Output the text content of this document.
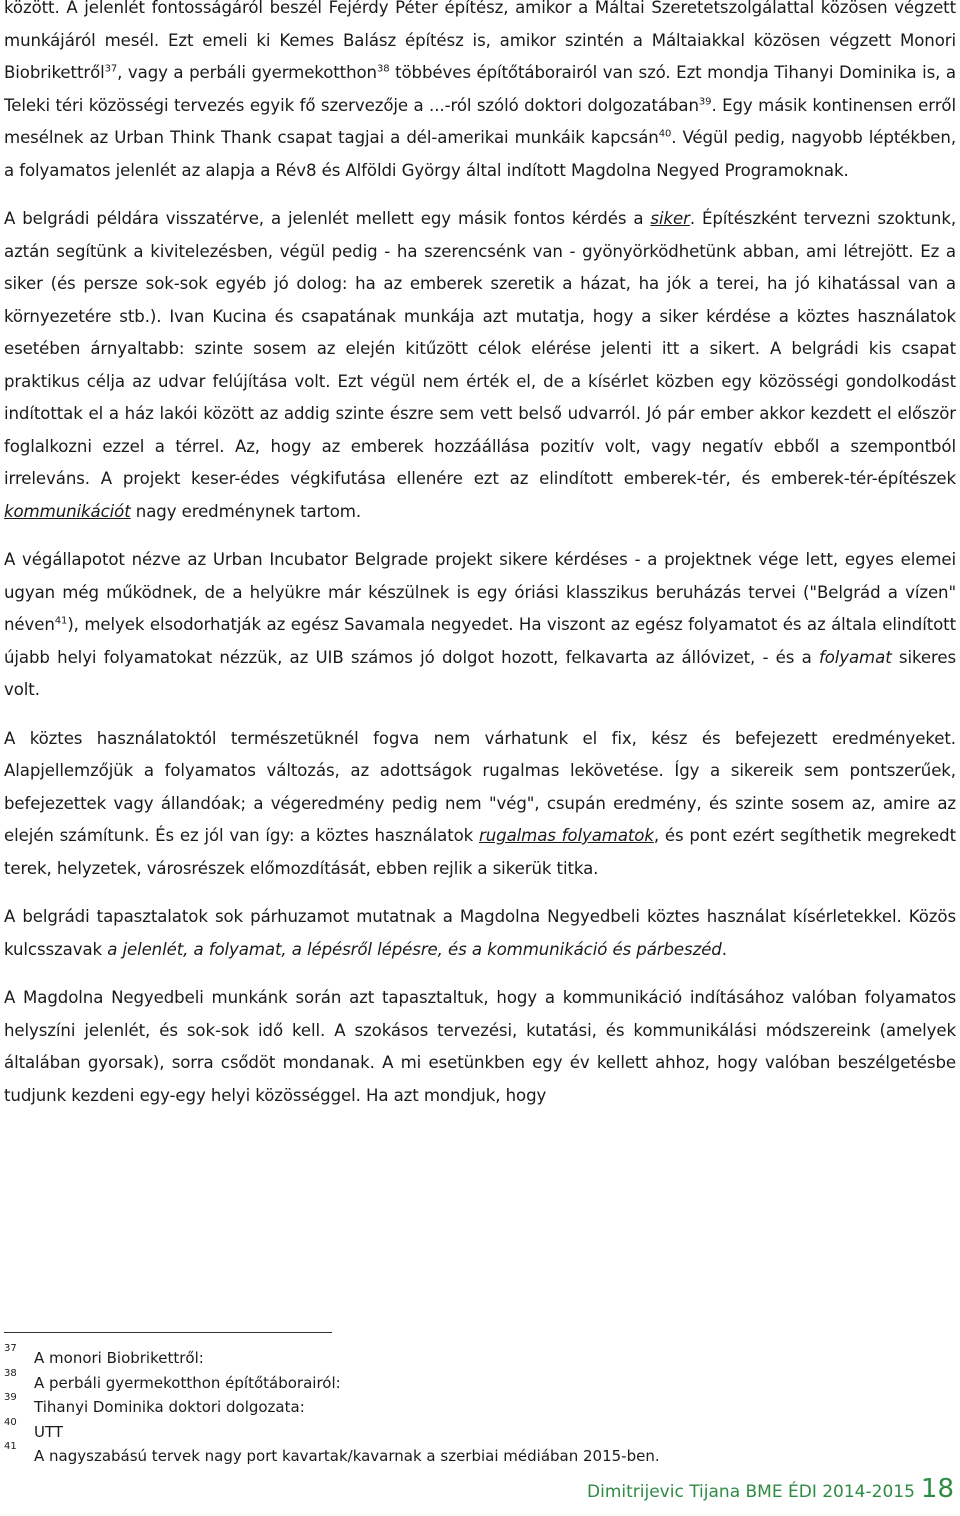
között. A jelenlét fontosságáról beszél Fejérdy Péter építész, amikor a Máltai Szeretetszolgálattal közösen végzett munkájáról mesél. Ezt emeli ki Kemes Balász építész is, amikor szintén a Máltaiakkal közösen végzett Monori Biobrikettről$^{37}$, vagy a perbáli gyermekotthon$^{38}$ többéves építőtáborairól van szó. Ezt mondja Tihanyi Dominika is, a Teleki téri közösségi tervezés egyik fő szervezője a ...-ról szóló doktori dolgozatában$^{39}$. Egy másik kontinensen erről mesélnek az Urban Think Thank csapat tagjai a dél-amerikai munkáik kapcsán$^{40}$. Végül pedig, nagyobb léptékben, a folyamatos jelenlét az alapja a Rév8 és Alföldi György által indított Magdolna Negyed Programoknak.

A belgrádi példára visszatérve, a jelenlét mellett egy másik fontos kérdés a siker. Építészként tervezni szoktunk, aztán segítünk a kivitelezésben, végül pedig - ha szerencsénk van - gyönyörködhetünk abban, ami létrejött. Ez a siker (és persze sok-sok egyéb jó dolog: ha az emberek szeretik a házat, ha jók a terei, ha jó kihatással van a környezetére stb.). Ivan Kucina és csapatának munkája azt mutatja, hogy a siker kérdése a köztes használatok esetében árnyaltabb: szinte sosem az elején kitűzött célok elérése jelenti itt a sikert. A belgrádi kis csapat praktikus célja az udvar felújítása volt. Ezt végül nem érték el, de a kísérlet közben egy közösségi gondolkodást indítottak el a ház lakói között az addig szinte észre sem vett belső udvarról. Jó pár ember akkor kezdett el először foglalkozni ezzel a térrel. Az, hogy az emberek hozzáállása pozitív volt, vagy negatív ebből a szempontból irreleváns. A projekt keser-édes végkifutása ellenére ezt az elindított emberek-tér, és emberek-tér-építészek kommunikációt nagy eredménynek tartom.

A végállapotot nézve az Urban Incubator Belgrade projekt sikere kérdéses - a projektnek vége lett, egyes elemei ugyan még működnek, de a helyükre már készülnek is egy óriási klasszikus beruházás tervei ("Belgrád a vízen" néven$^{41}$), melyek elsodorhatják az egész Savamala negyedet. Ha viszont az egész folyamatot és az általa elindított újabb helyi folyamatokat nézzük, az UIB számos jó dolgot hozott, felkavarta az állóvizet, - és a folyamat sikeres volt.

A köztes használatoktól természetüknél fogva nem várhatunk el fix, kész és befejezett eredményeket. Alapjellemzőjük a folyamatos változás, az adottságok rugalmas lekövetése. Így a sikereik sem pontszerűek, befejezettek vagy állandóak; a végeredmény pedig nem "vég", csupán eredmény, és szinte sosem az, amire az elején számítunk. És ez jól van így: a köztes használatok rugalmas folyamatok, és pont ezért segíthetik megrekedt terek, helyzetek, városrészek előmozdítását, ebben rejlik a sikerük titka.

A belgrádi tapasztalatok sok párhuzamot mutatnak a Magdolna Negyedbeli köztes használat kísérletekkel. Közös kulcsszavak a jelenlét, a folyamat, a lépésről lépésre, és a kommunikáció és párbeszéd.

A Magdolna Negyedbeli munkánk során azt tapasztaltuk, hogy a kommunikáció indításához valóban folyamatos helyszíni jelenlét, és sok-sok idő kell. A szokásos tervezési, kutatási, és kommunikálási módszereink (amelyek általában gyorsak), sorra csődöt mondanak. A mi esetünkben egy év kellett ahhoz, hogy valóban beszélgetésbe tudjunk kezdeni egy-egy helyi közösséggel. Ha azt mondjuk, hogy

37
A monori Biobrikettről:
38
A perbáli gyermekotthon építőtáborairól:
39
Tihanyi Dominika doktori dolgozata:
40
UTT
41
A nagyszabású tervek nagy port kavartak/kavarnak a szerbiai médiában 2015-ben.
Dimitrijevic Tijana BME ÉDI 2014-2015 18
